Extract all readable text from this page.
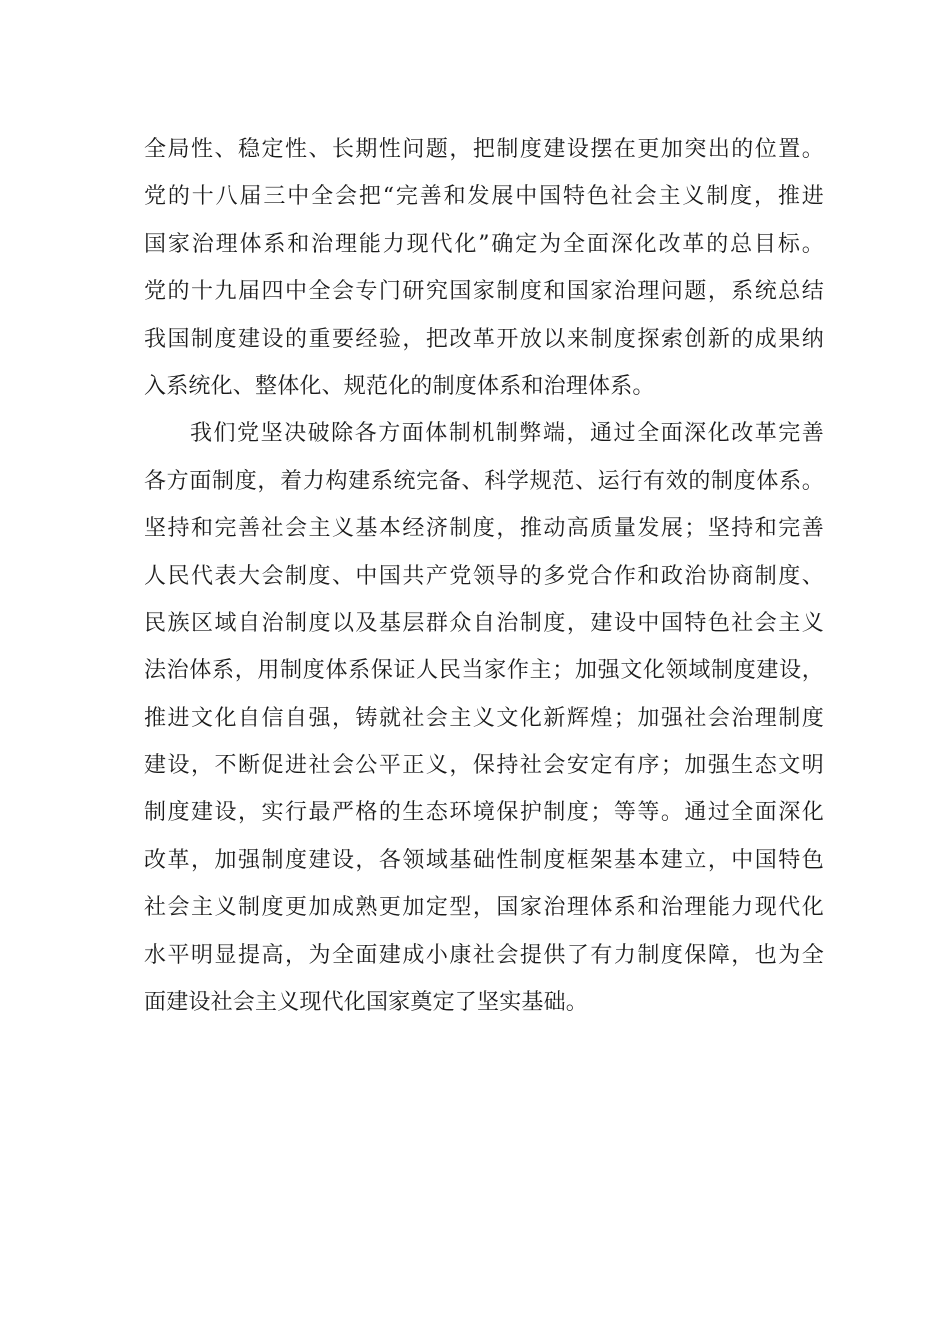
全局性、稳定性、长期性问题，把制度建设摆在更加突出的位置。
党的十八届三中全会把“完善和发展中国特色社会主义制度，推进
国家治理体系和治理能力现代化”确定为全面深化改革的总目标。
党的十九届四中全会专门研究国家制度和国家治理问题，系统总结
我国制度建设的重要经验，把改革开放以来制度探索创新的成果纳
入系统化、整体化、规范化的制度体系和治理体系。
我们党坚决破除各方面体制机制弊端，通过全面深化改革完善
各方面制度，着力构建系统完备、科学规范、运行有效的制度体系。
坚持和完善社会主义基本经济制度，推动高质量发展；坚持和完善
人民代表大会制度、中国共产党领导的多党合作和政治协商制度、
民族区域自治制度以及基层群众自治制度，建设中国特色社会主义
法治体系，用制度体系保证人民当家作主；加强文化领域制度建设，
推进文化自信自强，铸就社会主义文化新辉煌；加强社会治理制度
建设，不断促进社会公平正义，保持社会安定有序；加强生态文明
制度建设，实行最严格的生态环境保护制度；等等。通过全面深化
改革，加强制度建设，各领域基础性制度框架基本建立，中国特色
社会主义制度更加成熟更加定型，国家治理体系和治理能力现代化
水平明显提高，为全面建成小康社会提供了有力制度保障，也为全
面建设社会主义现代化国家奠定了坚实基础。
